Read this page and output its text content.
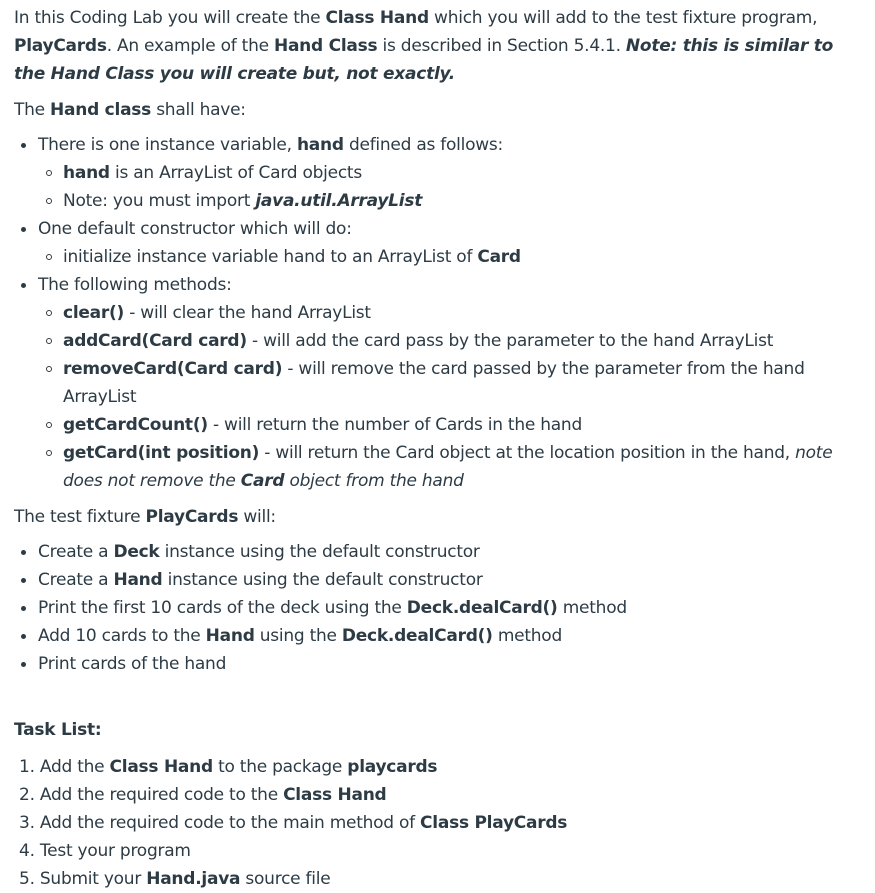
In this Coding Lab you will create the Class Hand which you will add to the test fixture program, PlayCards. An example of the Hand Class is described in Section 5.4.1. Note: this is similar to the Hand Class you will create but, not exactly.

The Hand class shall have:

There is one instance variable, hand defined as follows:
hand is an ArrayList of Card objects
Note: you must import java.util.ArrayList
One default constructor which will do:
initialize instance variable hand to an ArrayList of Card
The following methods:
clear() - will clear the hand ArrayList
addCard(Card card) - will add the card pass by the parameter to the hand ArrayList
removeCard(Card card) - will remove the card passed by the parameter from the hand ArrayList
getCardCount() - will return the number of Cards in the hand
getCard(int position) - will return the Card object at the location position in the hand, note does not remove the Card object from the hand

The test fixture PlayCards will:

Create a Deck instance using the default constructor
Create a Hand instance using the default constructor
Print the first 10 cards of the deck using the Deck.dealCard() method
Add 10 cards to the Hand using the Deck.dealCard() method
Print cards of the hand

Task List:

1. Add the Class Hand to the package playcards
2. Add the required code to the Class Hand
3. Add the required code to the main method of Class PlayCards
4. Test your program
5. Submit your Hand.java source file
